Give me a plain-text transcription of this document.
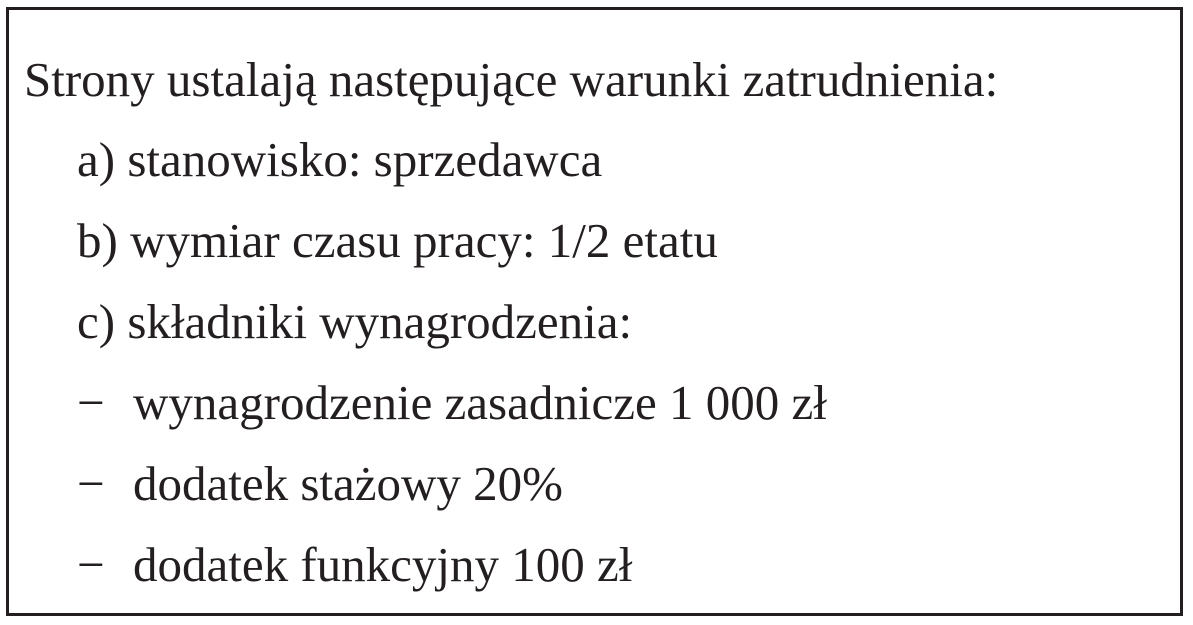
Strony ustalają następujące warunki zatrudnienia:
a) stanowisko: sprzedawca
b) wymiar czasu pracy: 1/2 etatu
c) składniki wynagrodzenia:
− wynagrodzenie zasadnicze 1 000 zł
− dodatek stażowy 20%
− dodatek funkcyjny 100 zł
